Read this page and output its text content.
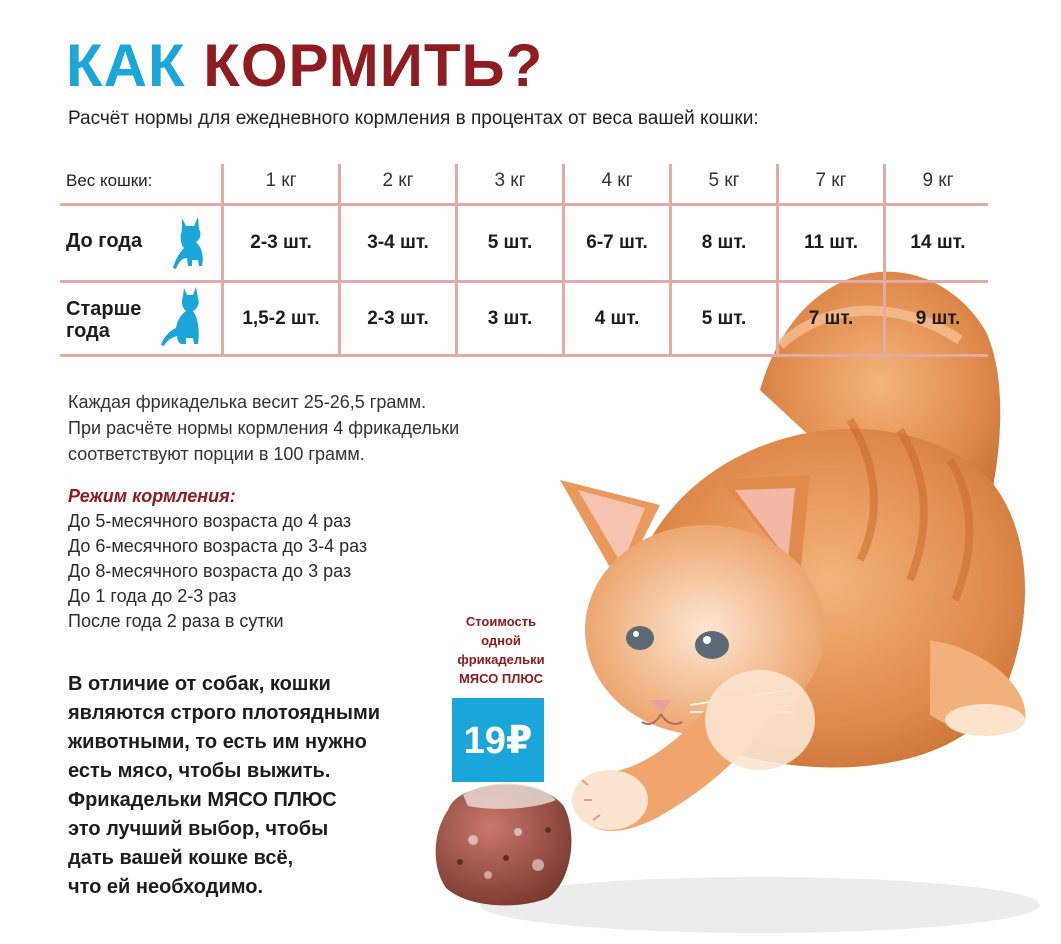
КАК КОРМИТЬ?
Расчёт нормы для ежедневного кормления в процентах от веса вашей кошки:
Вес кошки:	1 кг	2 кг	3 кг	4 кг	5 кг	7 кг	9 кг
До года	2-3 шт.	3-4 шт.	5 шт.	6-7 шт.	8 шт.	11 шт.	14 шт.
Старше
года
1,5-2 шт.	2-3 шт.	3 шт.	4 шт.	5 шт.	7 шт.	9 шт.
Каждая фрикаделька весит 25-26,5 грамм.
При расчёте нормы кормления 4 фрикадельки
соответствуют порции в 100 грамм.
Режим кормления:
До 5-месячного возраста до 4 раз
До 6-месячного возраста до 3-4 раз
До 8-месячного возраста до 3 раз
До 1 года до 2-3 раз
После года 2 раза в сутки
В отличие от собак, кошки
являются строго плотоядными
животными, то есть им нужно
есть мясо, чтобы выжить.
Фрикадельки МЯСО ПЛЮС
это лучший выбор, чтобы
дать вашей кошке всё,
что ей необходимо.
Стоимость
одной
фрикадельки
МЯСО ПЛЮС
19₽
